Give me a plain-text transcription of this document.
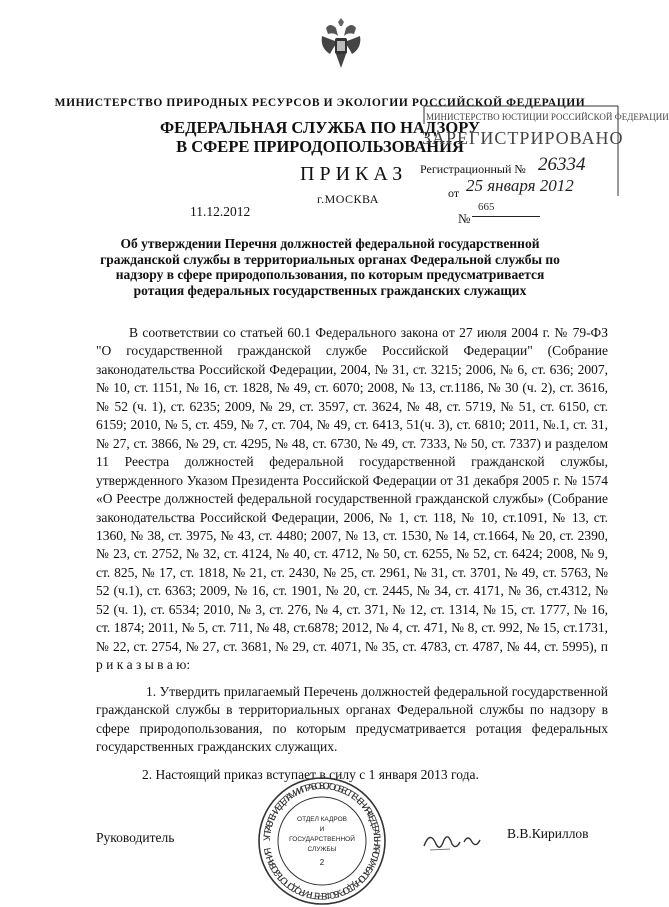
МИНИСТЕРСТВО ПРИРОДНЫХ РЕСУРСОВ И ЭКОЛОГИИ РОССИЙСКОЙ ФЕДЕРАЦИИ
ФЕДЕРАЛЬНАЯ СЛУЖБА ПО НАДЗОРУ
В СФЕРЕ ПРИРОДОПОЛЬЗОВАНИЯ
ПРИКАЗ
г.МОСКВА
11.12.2012	№
665
МИНИСТЕРСТВО ЮСТИЦИИ РОССИЙСКОЙ ФЕДЕРАЦИИ
ЗАРЕГИСТРИРОВАНО
Регистрационный № 26334
от 25 января 2012
Об утверждении Перечня должностей федеральной государственной гражданской службы в территориальных органах Федеральной службы по надзору в сфере природопользования, по которым предусматривается ротация федеральных государственных гражданских служащих

В соответствии со статьей 60.1 Федерального закона от 27 июля 2004 г. № 79-ФЗ "О государственной гражданской службе Российской Федерации" (Собрание законодательства Российской Федерации, 2004, № 31, ст. 3215; 2006, № 6, ст. 636; 2007, № 10, ст. 1151, № 16, ст. 1828, № 49, ст. 6070; 2008, № 13, ст.1186, № 30 (ч. 2), ст. 3616, № 52 (ч. 1), ст. 6235; 2009, № 29, ст. 3597, ст. 3624, № 48, ст. 5719, № 51, ст. 6150, ст. 6159; 2010, № 5, ст. 459, № 7, ст. 704, № 49, ст. 6413, 51(ч. 3), ст. 6810; 2011, №.1, ст. 31, № 27, ст. 3866, № 29, ст. 4295, № 48, ст. 6730, № 49, ст. 7333, № 50, ст. 7337) и разделом 11 Реестра должностей федеральной государственной гражданской службы, утвержденного Указом Президента Российской Федерации от 31 декабря 2005 г. № 1574 «О Реестре должностей федеральной государственной гражданской службы» (Собрание законодательства Российской Федерации, 2006, № 1, ст. 118, № 10, ст.1091, № 13, ст. 1360, № 38, ст. 3975, № 43, ст. 4480; 2007, № 13, ст. 1530, № 14, ст.1664, № 20, ст. 2390, № 23, ст. 2752, № 32, ст. 4124, № 40, ст. 4712, № 50, ст. 6255, № 52, ст. 6424; 2008, № 9, ст. 825, № 17, ст. 1818, № 21, ст. 2430, № 25, ст. 2961, № 31, ст. 3701, № 49, ст. 5763, № 52 (ч.1), ст. 6363; 2009, № 16, ст. 1901, № 20, ст. 2445, № 34, ст. 4171, № 36, ст.4312, № 52 (ч. 1), ст. 6534; 2010, № 3, ст. 276, № 4, ст. 371, № 12, ст. 1314, № 15, ст. 1777, № 16, ст. 1874; 2011, № 5, ст. 711, № 48, ст.6878; 2012, № 4, ст. 471, № 8, ст. 992, № 15, ст.1731, № 22, ст. 2754, № 27, ст. 3681, № 29, ст. 4071, № 35, ст. 4783, ст. 4787, № 44, ст. 5995), п р и к а з ы в а ю:

1. Утвердить прилагаемый Перечень должностей федеральной государственной гражданской службы в территориальных органах Федеральной службы по надзору в сфере природопользования, по которым предусматривается ротация федеральных государственных гражданских служащих.

2. Настоящий приказ вступает в силу с 1 января 2013 года.
УПРАВЛЕНИЕ ДЕЛАМИ И ПРАВОВОГО ОБЕСПЕЧЕНИЯ • ФЕДЕРАЛЬНАЯ СЛУЖБА ПО НАДЗОРУ В СФЕРЕ ПРИРОДОПОЛЬЗОВАНИЯ
ОТДЕЛ КАДРОВ
И
ГОСУДАРСТВЕННОЙ
СЛУЖБЫ
2
Руководитель	В.В.Кириллов
